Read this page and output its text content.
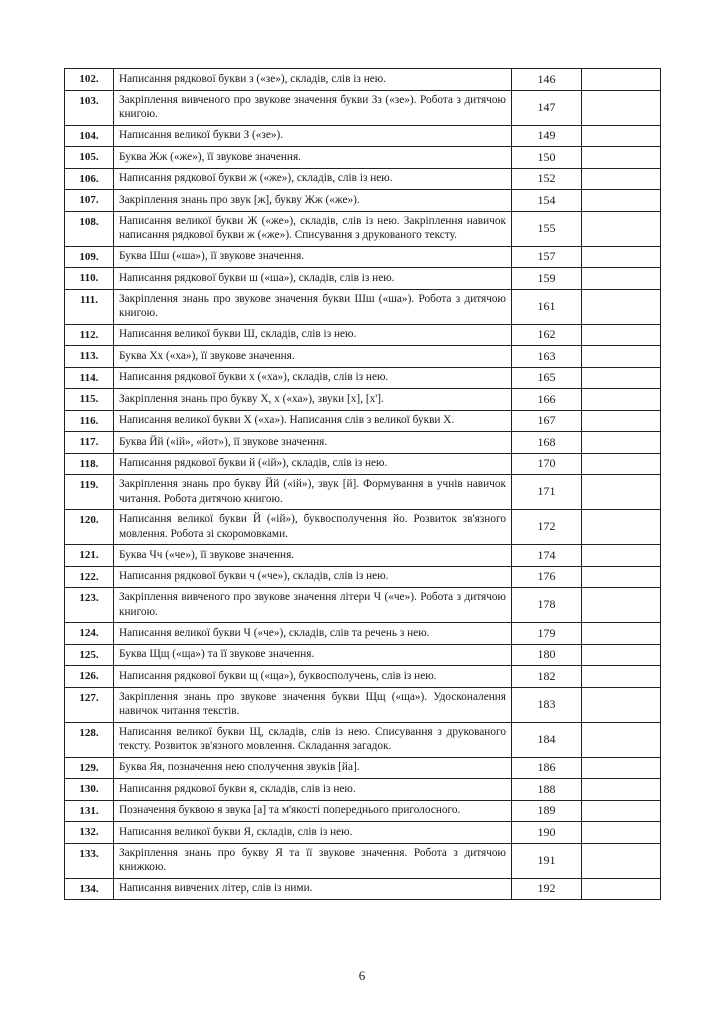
102.	Написання рядкової букви з («зе»), складів, слів із нею.	146	
103.	Закріплення вивченого про звукове значення букви Зз («зе»). Робота з дитячою книгою.	147	
104.	Написання великої букви З («зе»).	149	
105.	Буква Жж («же»), її звукове значення.	150	
106.	Написання рядкової букви ж («же»), складів, слів із нею.	152	
107.	Закріплення знань про звук [ж], букву Жж («же»).	154	
108.	Написання великої букви Ж («же»), складів, слів із нею. Закріплення навичок написання рядкової букви ж («же»). Списування з друкованого тексту.	155	
109.	Буква Шш («ша»), її звукове значення.	157	
110.	Написання рядкової букви ш («ша»), складів, слів із нею.	159	
111.	Закріплення знань про звукове значення букви Шш («ша»). Робота з дитячою книгою.	161	
112.	Написання великої букви Ш, складів, слів із нею.	162	
113.	Буква Хх («ха»), її звукове значення.	163	
114.	Написання рядкової букви х («ха»), складів, слів із нею.	165	
115.	Закріплення знань про букву Х, х («ха»), звуки [х], [х'].	166	
116.	Написання великої букви Х («ха»). Написання слів з великої букви Х.	167	
117.	Буква Йй («ій», «йот»), її звукове значення.	168	
118.	Написання рядкової букви й («ій»), складів, слів із нею.	170	
119.	Закріплення знань про букву Йй («ій»), звук [й]. Формування в учнів навичок читання. Робота дитячою книгою.	171	
120.	Написання великої букви Й («ій»), буквосполучення йо. Розвиток зв'язного мовлення. Робота зі скоромовками.	172	
121.	Буква Чч («че»), її звукове значення.	174	
122.	Написання рядкової букви ч («че»), складів, слів із нею.	176	
123.	Закріплення вивченого про звукове значення літери Ч («че»). Робота з дитячою книгою.	178	
124.	Написання великої букви Ч («че»), складів, слів та речень з нею.	179	
125.	Буква Щщ («ща») та її звукове значення.	180	
126.	Написання рядкової букви щ («ща»), буквосполучень, слів із нею.	182	
127.	Закріплення знань про звукове значення букви Щщ («ща»). Удосконалення навичок читання текстів.	183	
128.	Написання великої букви Щ, складів, слів із нею. Списування з друкованого тексту. Розвиток зв'язного мовлення. Складання загадок.	184	
129.	Буква Яя, позначення нею сполучення звуків [йа].	186	
130.	Написання рядкової букви я, складів, слів із нею.	188	
131.	Позначення буквою я звука [а] та м'якості попереднього приголосного.	189	
132.	Написання великої букви Я, складів, слів із нею.	190	
133.	Закріплення знань про букву Я та її звукове значення. Робота з дитячою книжкою.	191	
134.	Написання вивчених літер, слів із ними.	192	
6
